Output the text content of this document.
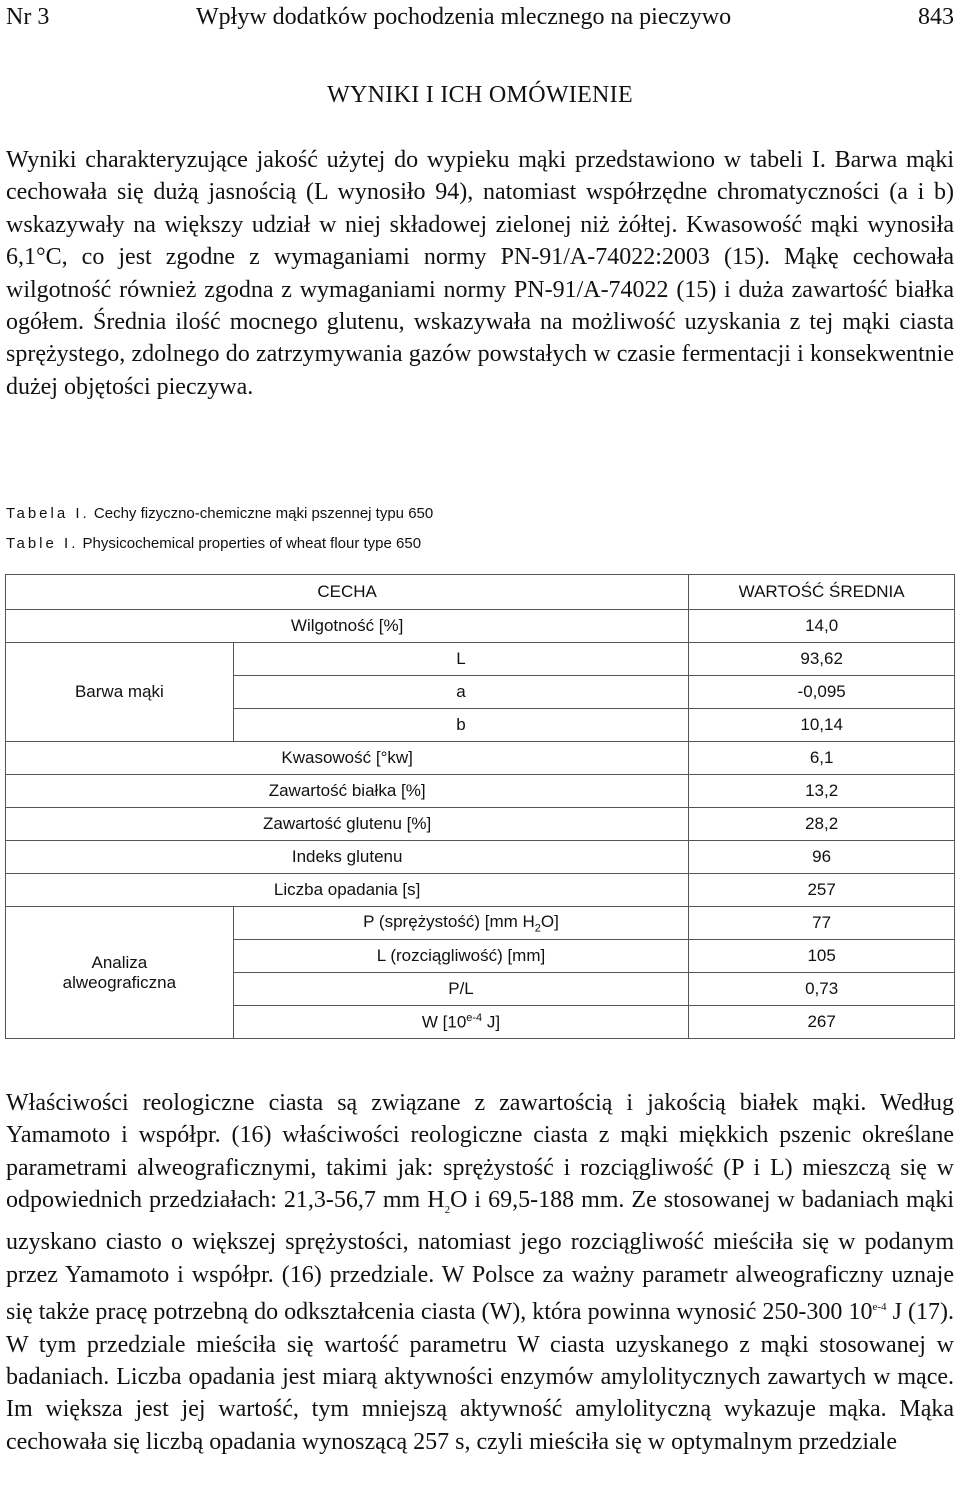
Nr 3	Wpływ dodatków pochodzenia mlecznego na pieczywo	843
WYNIKI I ICH OMÓWIENIE

Wyniki charakteryzujące jakość użytej do wypieku mąki przedstawiono w tabeli I. Barwa mąki cechowała się dużą jasnością (L wynosiło 94), natomiast współrzędne chromatyczności (a i b) wskazywały na większy udział w niej składowej zielonej niż żółtej. Kwasowość mąki wynosiła 6,1°C, co jest zgodne z wymaganiami normy PN-91/A-74022:2003 (15). Mąkę cechowała wilgotność również zgodna z wymaganiami normy PN-91/A-74022 (15) i duża zawartość białka ogółem. Średnia ilość mocnego glutenu, wskazywała na możliwość uzyskania z tej mąki ciasta sprężystego, zdolnego do zatrzymywania gazów powstałych w czasie fermentacji i konsekwentnie dużej objętości pieczywa.

Tabela I. Cechy fizyczno-chemiczne mąki pszennej typu 650
Table I. Physicochemical properties of wheat flour type 650
CECHA		WARTOŚĆ ŚREDNIA
Wilgotność [%]		14,0
Barwa mąki	L	93,62
	a	-0,095
	b	10,14
Kwasowość [°kw]		6,1
Zawartość białka [%]		13,2
Zawartość glutenu [%]		28,2
Indeks glutenu		96
Liczba opadania [s]		257
Analiza
alweograficzna	P (sprężystość) [mm $H_2O$]	77
	L (rozciągliwość) [mm]	105
	P/L	0,73
	W [10$^{e-4}$ J]	267

Właściwości reologiczne ciasta są związane z zawartością i jakością białek mąki. Według Yamamoto i współpr. (16) właściwości reologiczne ciasta z mąki miękkich pszenic określane parametrami alweograficznymi, takimi jak: sprężystość i rozciągliwość (P i L) mieszczą się w odpowiednich przedziałach: 21,3-56,7 mm $H_2O$ i 69,5-188 mm. Ze stosowanej w badaniach mąki uzyskano ciasto o większej sprężystości, natomiast jego rozciągliwość mieściła się w podanym przez Yamamoto i współpr. (16) przedziale. W Polsce za ważny parametr alweograficzny uznaje się także pracę potrzebną do odkształcenia ciasta (W), która powinna wynosić 250-300 10$^{e-4}$ J (17). W tym przedziale mieściła się wartość parametru W ciasta uzyskanego z mąki stosowanej w badaniach. Liczba opadania jest miarą aktywności enzymów amylolitycznych zawartych w mące. Im większa jest jej wartość, tym mniejszą aktywność amylolityczną wykazuje mąka. Mąka cechowała się liczbą opadania wynoszącą 257 s, czyli mieściła się w optymalnym przedziale
